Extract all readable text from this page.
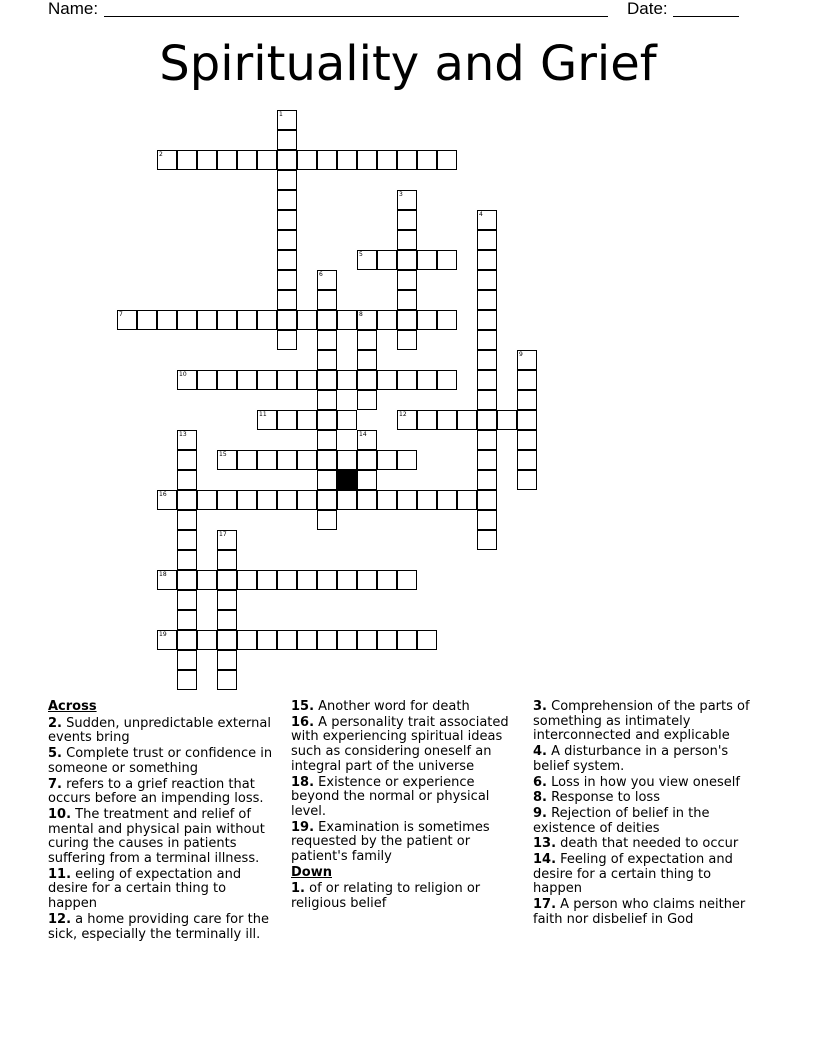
Name:	Date:
Spirituality and Grief
1
2
3
4
5
6
7	8
9
10
11	12
13	14
15
16
17
18
19
Across
2. Sudden, unpredictable external events bring
5. Complete trust or confidence in someone or something
7. refers to a grief reaction that occurs before an impending loss.
10. The treatment and relief of mental and physical pain without curing the causes in patients suffering from a terminal illness.
11. eeling of expectation and desire for a certain thing to happen
12. a home providing care for the sick, especially the terminally ill.
15. Another word for death
16. A personality trait associated with experiencing spiritual ideas such as considering oneself an integral part of the universe
18. Existence or experience beyond the normal or physical level.
19. Examination is sometimes requested by the patient or patient's family
Down
1. of or relating to religion or religious belief
3. Comprehension of the parts of something as intimately interconnected and explicable
4. A disturbance in a person's belief system.
6. Loss in how you view oneself
8. Response to loss
9. Rejection of belief in the existence of deities
13. death that needed to occur
14. Feeling of expectation and desire for a certain thing to happen
17. A person who claims neither faith nor disbelief in God
